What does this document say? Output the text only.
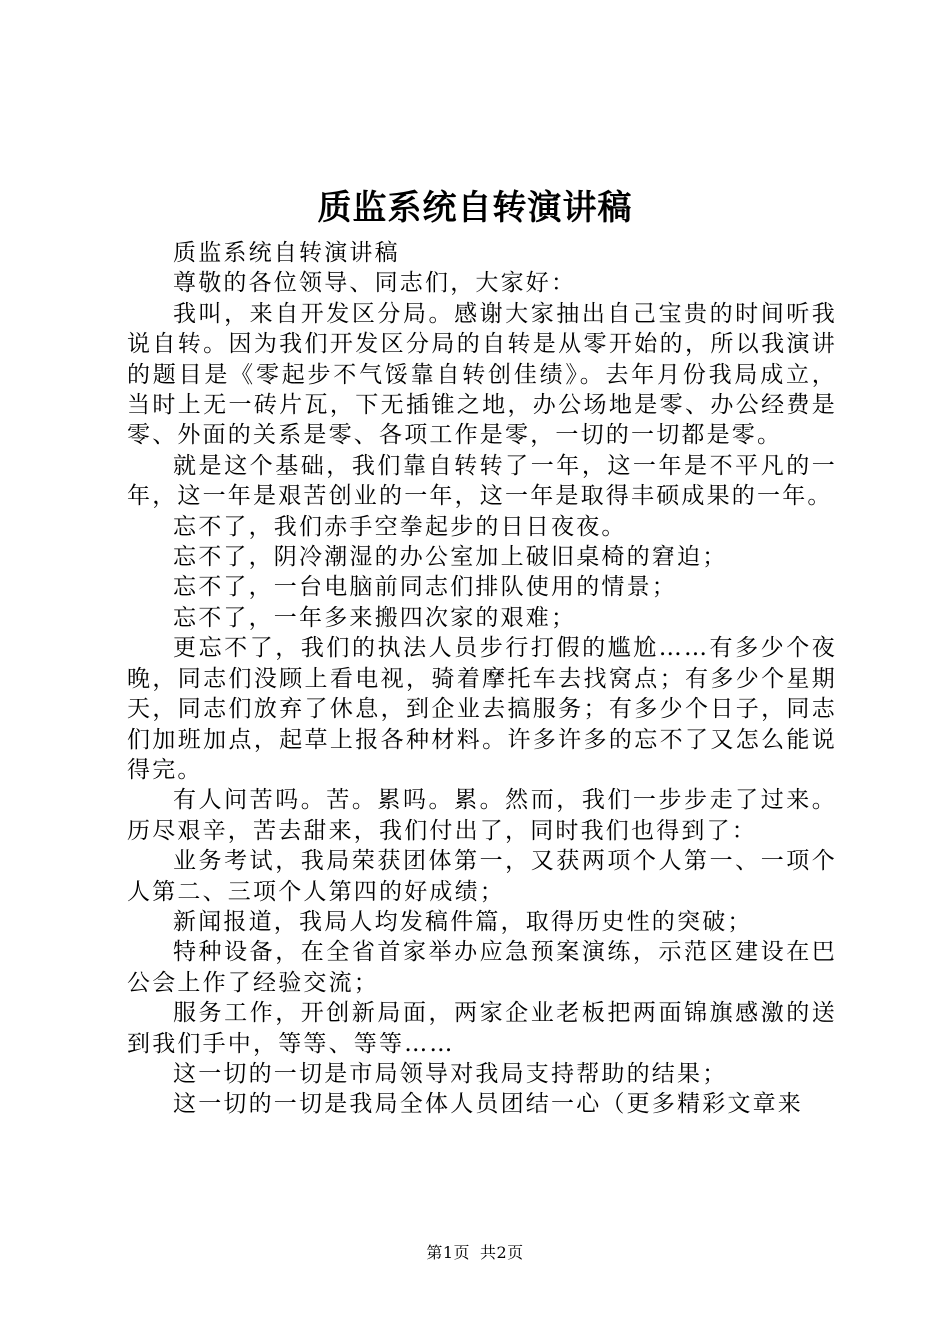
质监系统自转演讲稿

质监系统自转演讲稿

尊敬的各位领导、同志们，大家好：

我叫，来自开发区分局。感谢大家抽出自己宝贵的时间听我说自转。因为我们开发区分局的自转是从零开始的，所以我演讲的题目是《零起步不气馁靠自转创佳绩》。去年月份我局成立，当时上无一砖片瓦，下无插锥之地，办公场地是零、办公经费是零、外面的关系是零、各项工作是零，一切的一切都是零。

就是这个基础，我们靠自转转了一年，这一年是不平凡的一年，这一年是艰苦创业的一年，这一年是取得丰硕成果的一年。

忘不了，我们赤手空拳起步的日日夜夜。

忘不了，阴冷潮湿的办公室加上破旧桌椅的窘迫；

忘不了，一台电脑前同志们排队使用的情景；

忘不了，一年多来搬四次家的艰难；

更忘不了，我们的执法人员步行打假的尴尬……有多少个夜晚，同志们没顾上看电视，骑着摩托车去找窝点；有多少个星期天，同志们放弃了休息，到企业去搞服务；有多少个日子，同志们加班加点，起草上报各种材料。许多许多的忘不了又怎么能说得完。

有人问苦吗。苦。累吗。累。然而，我们一步步走了过来。历尽艰辛，苦去甜来，我们付出了，同时我们也得到了：

业务考试，我局荣获团体第一，又获两项个人第一、一项个人第二、三项个人第四的好成绩；

新闻报道，我局人均发稿件篇，取得历史性的突破；

特种设备，在全省首家举办应急预案演练，示范区建设在巴公会上作了经验交流；

服务工作，开创新局面，两家企业老板把两面锦旗感激的送到我们手中，等等、等等……

这一切的一切是市局领导对我局支持帮助的结果；

这一切的一切是我局全体人员团结一心（更多精彩文章来

第1页 共2页
